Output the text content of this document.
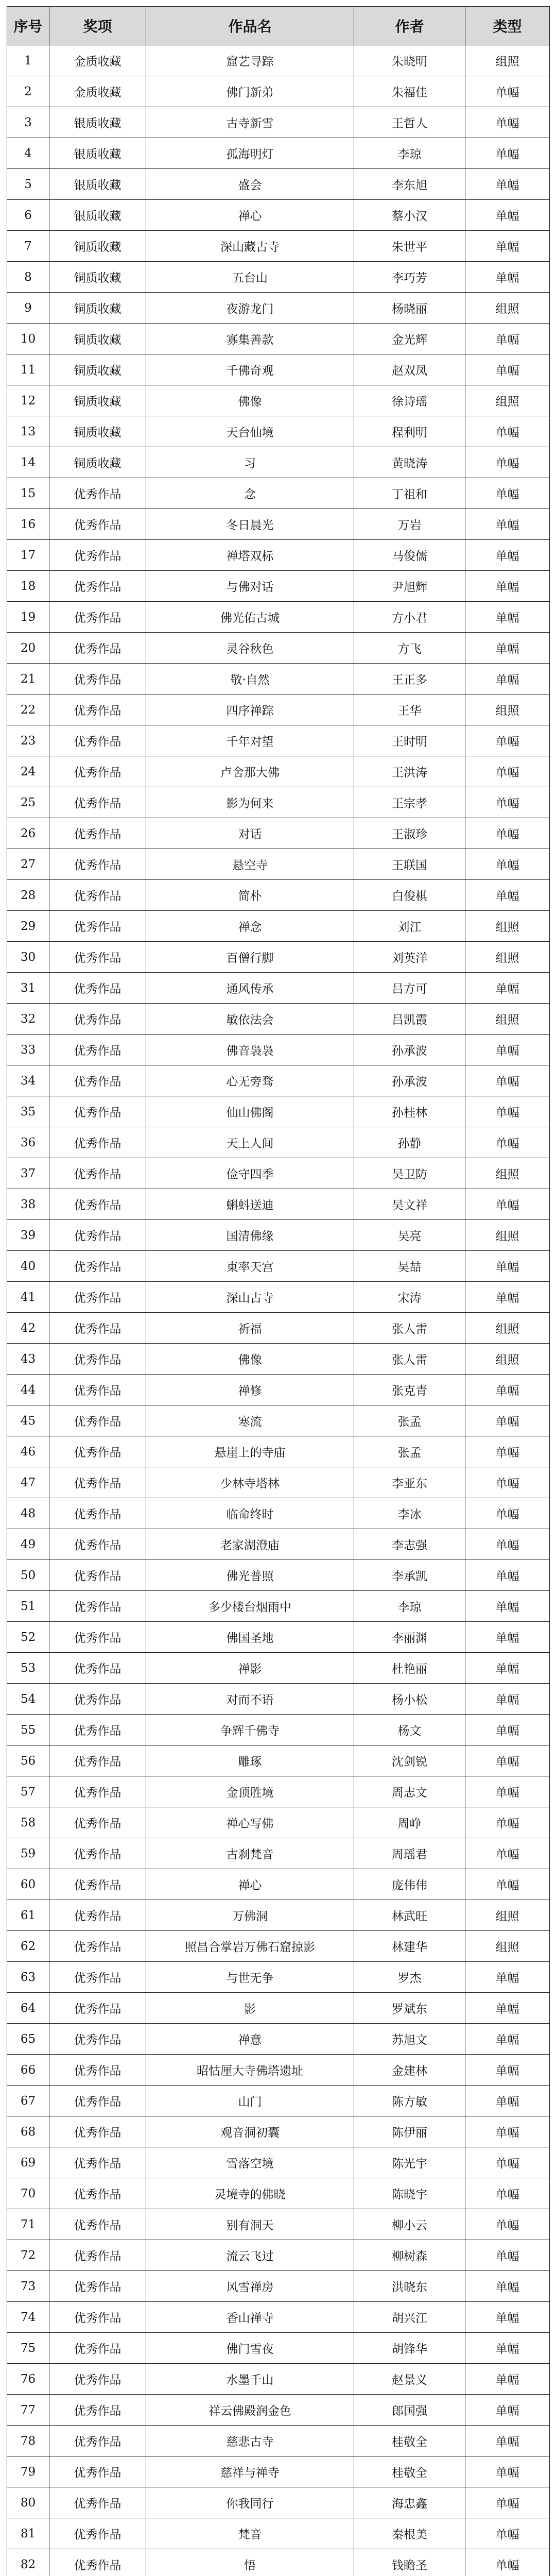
序号	奖项	作品名	作者	类型
1	金质收藏	窟艺寻踪	朱晓明	组照
2	金质收藏	佛门新弟	朱福佳	单幅
3	银质收藏	古寺新雪	王哲人	单幅
4	银质收藏	孤海明灯	李琼	单幅
5	银质收藏	盛会	李东旭	单幅
6	银质收藏	禅心	蔡小汉	单幅
7	铜质收藏	深山藏古寺	朱世平	单幅
8	铜质收藏	五台山	李巧芳	单幅
9	铜质收藏	夜游龙门	杨晓丽	组照
10	铜质收藏	寡集善款	金光辉	单幅
11	铜质收藏	千佛奇观	赵双凤	单幅
12	铜质收藏	佛像	徐诗瑶	组照
13	铜质收藏	天台仙境	程利明	单幅
14	铜质收藏	习	黄晓涛	单幅
15	优秀作品	念	丁祖和	单幅
16	优秀作品	冬日晨光	万岩	单幅
17	优秀作品	禅塔双标	马俊儒	单幅
18	优秀作品	与佛对话	尹旭辉	单幅
19	优秀作品	佛光佑古城	方小君	单幅
20	优秀作品	灵谷秋色	方飞	单幅
21	优秀作品	敬·自然	王正多	单幅
22	优秀作品	四序禅踪	王华	组照
23	优秀作品	千年对望	王时明	单幅
24	优秀作品	卢舍那大佛	王洪涛	单幅
25	优秀作品	影为何来	王宗孝	单幅
26	优秀作品	对话	王淑珍	单幅
27	优秀作品	悬空寺	王联国	单幅
28	优秀作品	简朴	白俊棋	单幅
29	优秀作品	禅念	刘江	组照
30	优秀作品	百僧行脚	刘英洋	组照
31	优秀作品	通风传承	吕方可	单幅
32	优秀作品	敏依法会	吕凯霞	组照
33	优秀作品	佛音袅袅	孙承波	单幅
34	优秀作品	心无旁骛	孙承波	单幅
35	优秀作品	仙山佛阁	孙桂林	单幅
36	优秀作品	天上人间	孙静	单幅
37	优秀作品	俭守四季	吴卫防	组照
38	优秀作品	蝌蚪送迪	吴文祥	单幅
39	优秀作品	国清佛缘	吴亮	组照
40	优秀作品	東率天宫	吴喆	单幅
41	优秀作品	深山古寺	宋涛	单幅
42	优秀作品	祈福	张人雷	组照
43	优秀作品	佛像	张人雷	组照
44	优秀作品	禅修	张克青	单幅
45	优秀作品	寒流	张孟	单幅
46	优秀作品	悬崖上的寺庙	张孟	单幅
47	优秀作品	少林寺塔林	李亚东	单幅
48	优秀作品	临命终时	李冰	单幅
49	优秀作品	老家湖澄庙	李志强	单幅
50	优秀作品	佛光普照	李承凯	单幅
51	优秀作品	多少楼台烟雨中	李琼	单幅
52	优秀作品	佛国圣地	李丽渊	单幅
53	优秀作品	禅影	杜艳丽	单幅
54	优秀作品	对而不语	杨小松	单幅
55	优秀作品	争辉千佛寺	杨文	单幅
56	优秀作品	雕琢	沈剑锐	单幅
57	优秀作品	金顶胜境	周志文	单幅
58	优秀作品	禅心写佛	周峥	单幅
59	优秀作品	古刹梵音	周瑶君	单幅
60	优秀作品	禅心	庞伟伟	单幅
61	优秀作品	万佛洞	林武旺	组照
62	优秀作品	照昌合掌岩万佛石窟掠影	林建华	组照
63	优秀作品	与世无争	罗杰	单幅
64	优秀作品	影	罗斌东	单幅
65	优秀作品	禅意	苏旭文	单幅
66	优秀作品	昭怙厘大寺佛塔遗址	金建林	单幅
67	优秀作品	山门	陈方敏	单幅
68	优秀作品	观音洞初囊	陈伊丽	单幅
69	优秀作品	雪落空境	陈光宇	单幅
70	优秀作品	灵境寺的佛晓	陈晓宇	单幅
71	优秀作品	别有洞天	柳小云	单幅
72	优秀作品	流云飞过	柳树森	单幅
73	优秀作品	风雪禅房	洪晓东	单幅
74	优秀作品	香山禅寺	胡兴江	单幅
75	优秀作品	佛门雪夜	胡锋华	单幅
76	优秀作品	水墨千山	赵景义	单幅
77	优秀作品	祥云佛殿润金色	郎国强	单幅
78	优秀作品	慈悲古寺	桂敬全	单幅
79	优秀作品	慈祥与禅寺	桂敬全	单幅
80	优秀作品	你我同行	海忠鑫	单幅
81	优秀作品	梵音	秦根美	单幅
82	优秀作品	悟	钱瞻圣	单幅
